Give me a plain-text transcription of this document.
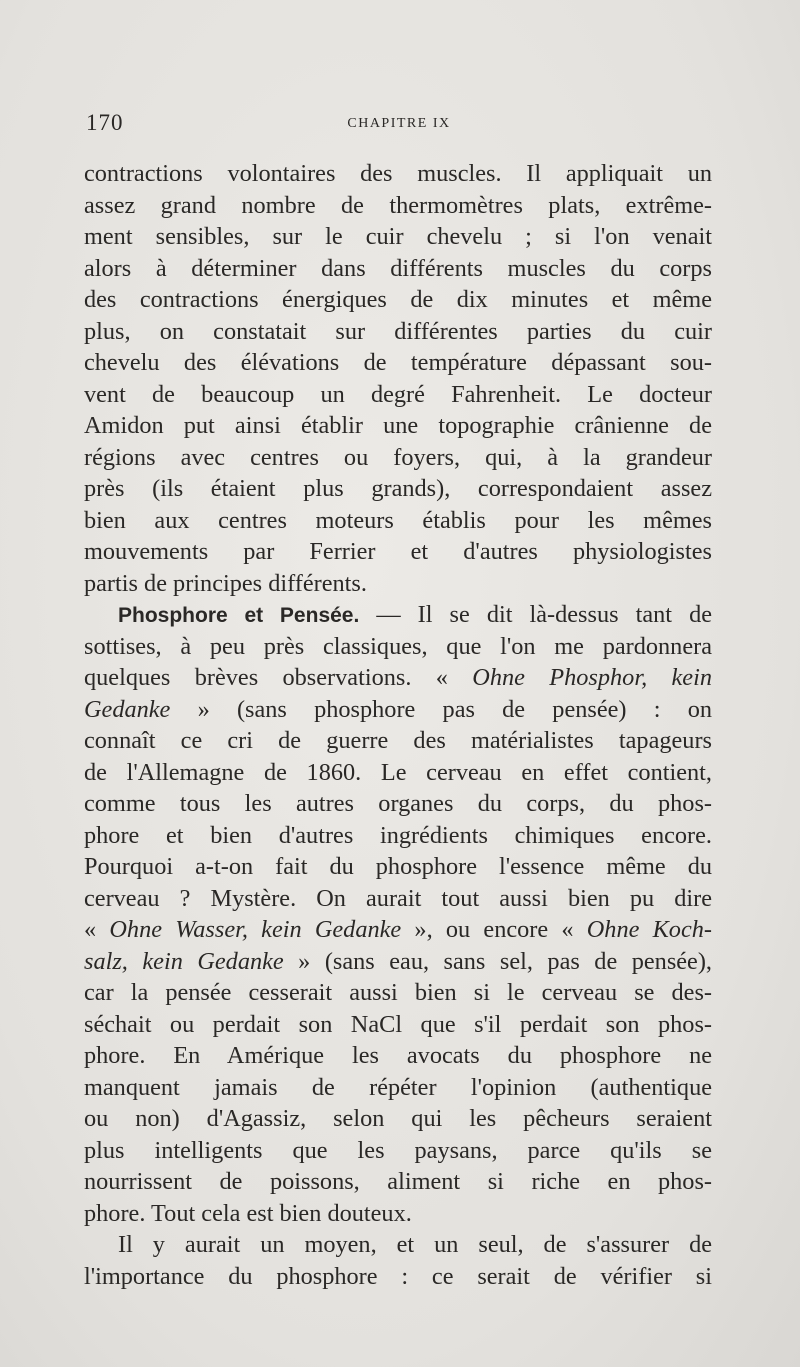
170	CHAPITRE IX
contractions volontaires des muscles. Il appliquait un
assez grand nombre de thermomètres plats, extrême-
ment sensibles, sur le cuir chevelu ; si l'on venait
alors à déterminer dans différents muscles du corps
des contractions énergiques de dix minutes et même
plus, on constatait sur différentes parties du cuir
chevelu des élévations de température dépassant sou-
vent de beaucoup un degré Fahrenheit. Le docteur
Amidon put ainsi établir une topographie crânienne de
régions avec centres ou foyers, qui, à la grandeur
près (ils étaient plus grands), correspondaient assez
bien aux centres moteurs établis pour les mêmes
mouvements par Ferrier et d'autres physiologistes
partis de principes différents.
Phosphore et Pensée. — Il se dit là-dessus tant de
sottises, à peu près classiques, que l'on me pardonnera
quelques brèves observations. « Ohne Phosphor, kein
Gedanke » (sans phosphore pas de pensée) : on
connaît ce cri de guerre des matérialistes tapageurs
de l'Allemagne de 1860. Le cerveau en effet contient,
comme tous les autres organes du corps, du phos-
phore et bien d'autres ingrédients chimiques encore.
Pourquoi a-t-on fait du phosphore l'essence même du
cerveau ? Mystère. On aurait tout aussi bien pu dire
« Ohne Wasser, kein Gedanke », ou encore « Ohne Koch-
salz, kein Gedanke » (sans eau, sans sel, pas de pensée),
car la pensée cesserait aussi bien si le cerveau se des-
séchait ou perdait son NaCl que s'il perdait son phos-
phore. En Amérique les avocats du phosphore ne
manquent jamais de répéter l'opinion (authentique
ou non) d'Agassiz, selon qui les pêcheurs seraient
plus intelligents que les paysans, parce qu'ils se
nourrissent de poissons, aliment si riche en phos-
phore. Tout cela est bien douteux.
Il y aurait un moyen, et un seul, de s'assurer de
l'importance du phosphore : ce serait de vérifier si
